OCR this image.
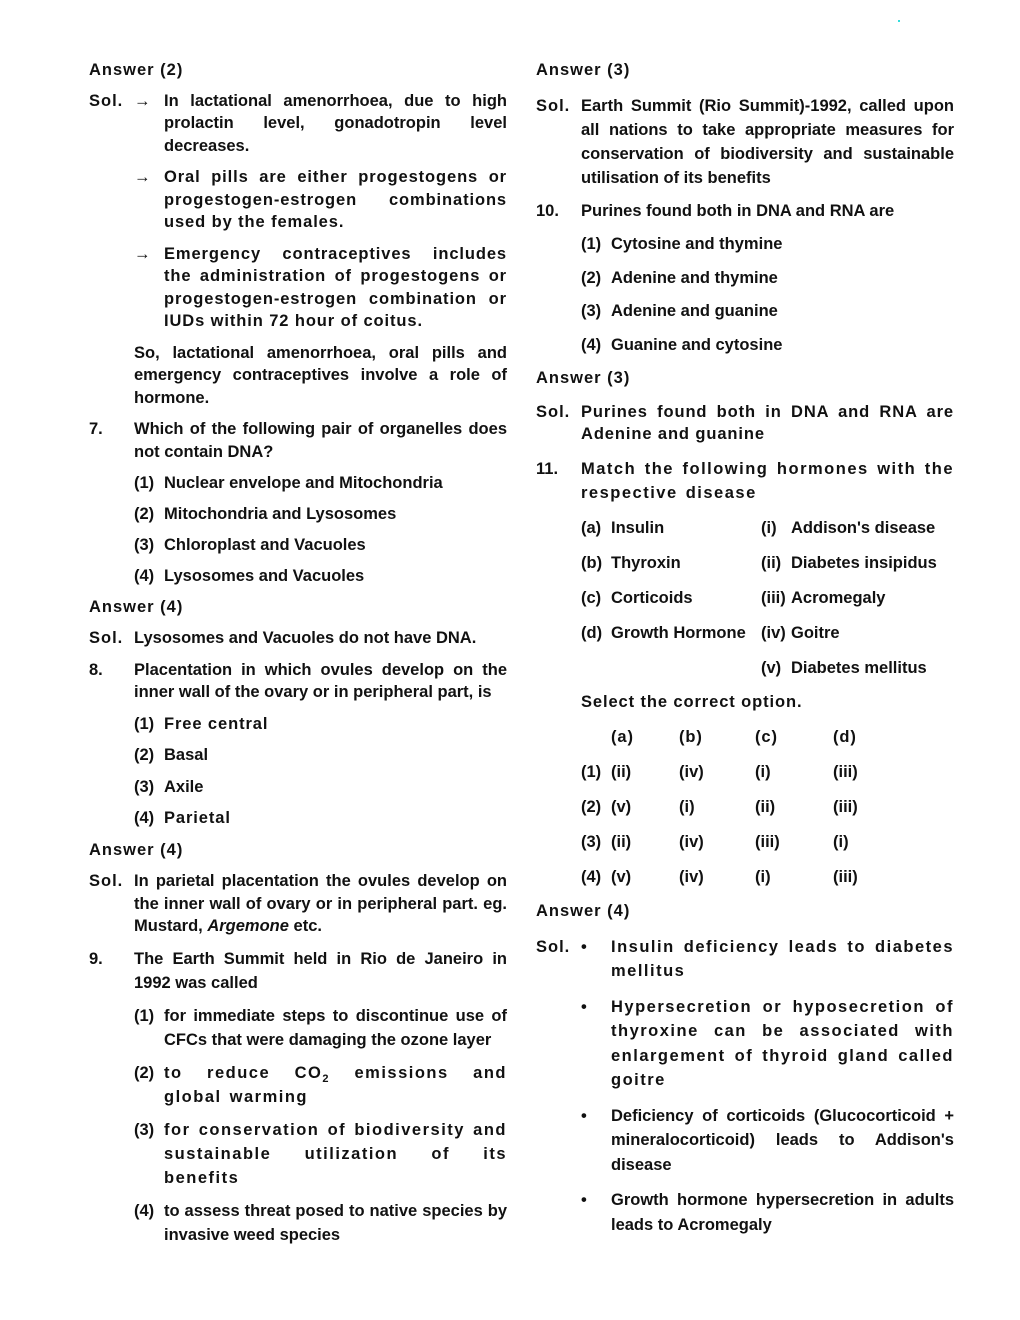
Answer (2)
Sol. → In lactational amenorrhoea, due to high prolactin level, gonadotropin level decreases.
→ Oral pills are either progestogens or progestogen-estrogen combinations used by the females.
→ Emergency contraceptives includes the administration of progestogens or progestogen-estrogen combination or IUDs within 72 hour of coitus.
So, lactational amenorrhoea, oral pills and emergency contraceptives involve a role of hormone.
7.	Which of the following pair of organelles does not contain DNA?
(1) Nuclear envelope and Mitochondria
(2) Mitochondria and Lysosomes
(3) Chloroplast and Vacuoles
(4) Lysosomes and Vacuoles
Answer (4)
Sol. Lysosomes and Vacuoles do not have DNA.
8.	Placentation in which ovules develop on the inner wall of the ovary or in peripheral part, is
(1) Free central
(2) Basal
(3) Axile
(4) Parietal
Answer (4)
Sol. In parietal placentation the ovules develop on the inner wall of ovary or in peripheral part. eg. Mustard, Argemone etc.
9.	The Earth Summit held in Rio de Janeiro in 1992 was called
(1) for immediate steps to discontinue use of CFCs that were damaging the ozone layer
(2) to reduce $CO_2$ emissions and global warming
(3) for conservation of biodiversity and sustainable utilization of its benefits
(4) to assess threat posed to native species by invasive weed species
Answer (3)
Sol. Earth Summit (Rio Summit)-1992, called upon all nations to take appropriate measures for conservation of biodiversity and sustainable utilisation of its benefits
10.	Purines found both in DNA and RNA are
(1) Cytosine and thymine
(2) Adenine and thymine
(3) Adenine and guanine
(4) Guanine and cytosine
Answer (3)
Sol. Purines found both in DNA and RNA are Adenine and guanine
11.	Match the following hormones with the respective disease
(a) Insulin	(i) Addison's disease
(b) Thyroxin	(ii) Diabetes insipidus
(c) Corticoids	(iii) Acromegaly
(d) Growth Hormone (iv) Goitre
(v) Diabetes mellitus
Select the correct option.
(a)	(b)	(c)	(d)
(1) (ii)	(iv)	(i)	(iii)
(2) (v)	(i)	(ii)	(iii)
(3) (ii)	(iv)	(iii)	(i)
(4) (v)	(iv)	(i)	(iii)
Answer (4)
Sol. •	Insulin deficiency leads to diabetes mellitus
•	Hypersecretion or hyposecretion of thyroxine can be associated with enlargement of thyroid gland called goitre
•	Deficiency of corticoids (Glucocorticoid + mineralocorticoid) leads to Addison's disease
•	Growth hormone hypersecretion in adults leads to Acromegaly
